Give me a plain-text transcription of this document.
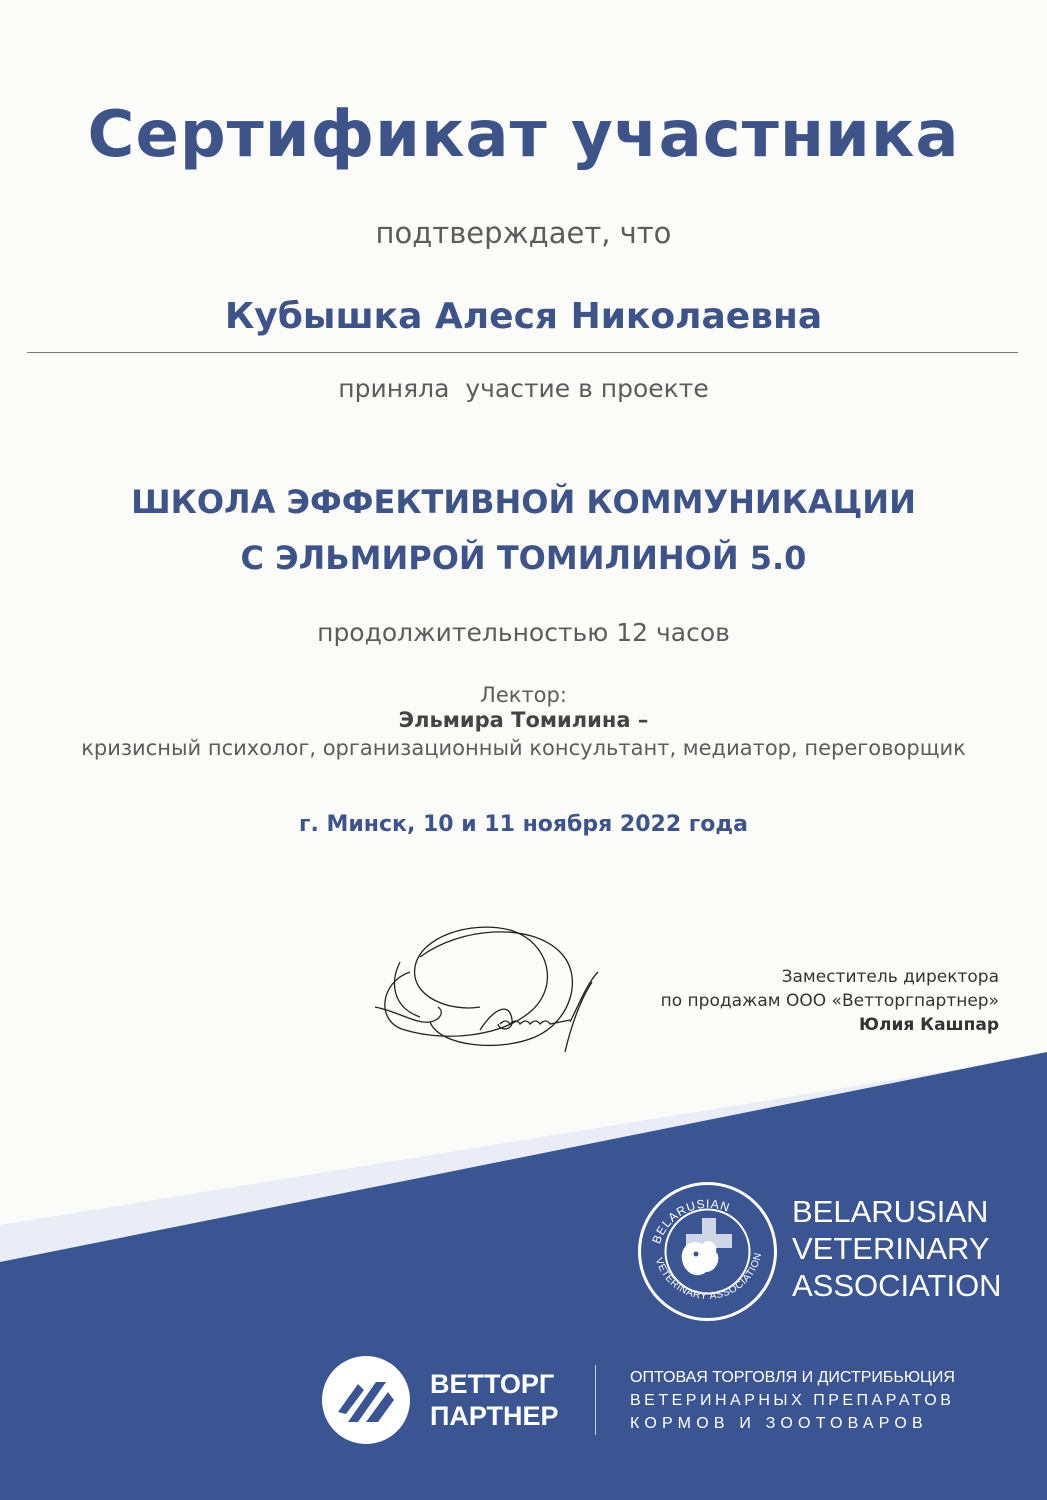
Сертификат участника
подтверждает, что
Кубышка Алеся Николаевна
приняла  участие в проекте
ШКОЛА ЭФФЕКТИВНОЙ КОММУНИКАЦИИ
С ЭЛЬМИРОЙ ТОМИЛИНОЙ 5.0
продолжительностью 12 часов
Лектор:
Эльмира Томилина –
кризисный психолог, организационный консультант, медиатор, переговорщик
г. Минск, 10 и 11 ноября 2022 года
Заместитель директора
по продажам ООО «Ветторгпартнер»
Юлия Кашпар
BELARUSIAN
VETERINARY ASSOCIATION
BELARUSIAN
VETERINARY
ASSOCIATION
ВЕТТОРГ
ПАРТНЕР
ОПТОВАЯ ТОРГОВЛЯ И ДИСТРИБЬЮЦИЯ
ВЕТЕРИНАРНЫХ ПРЕПАРАТОВ
КОРМОВ И ЗООТОВАРОВ
